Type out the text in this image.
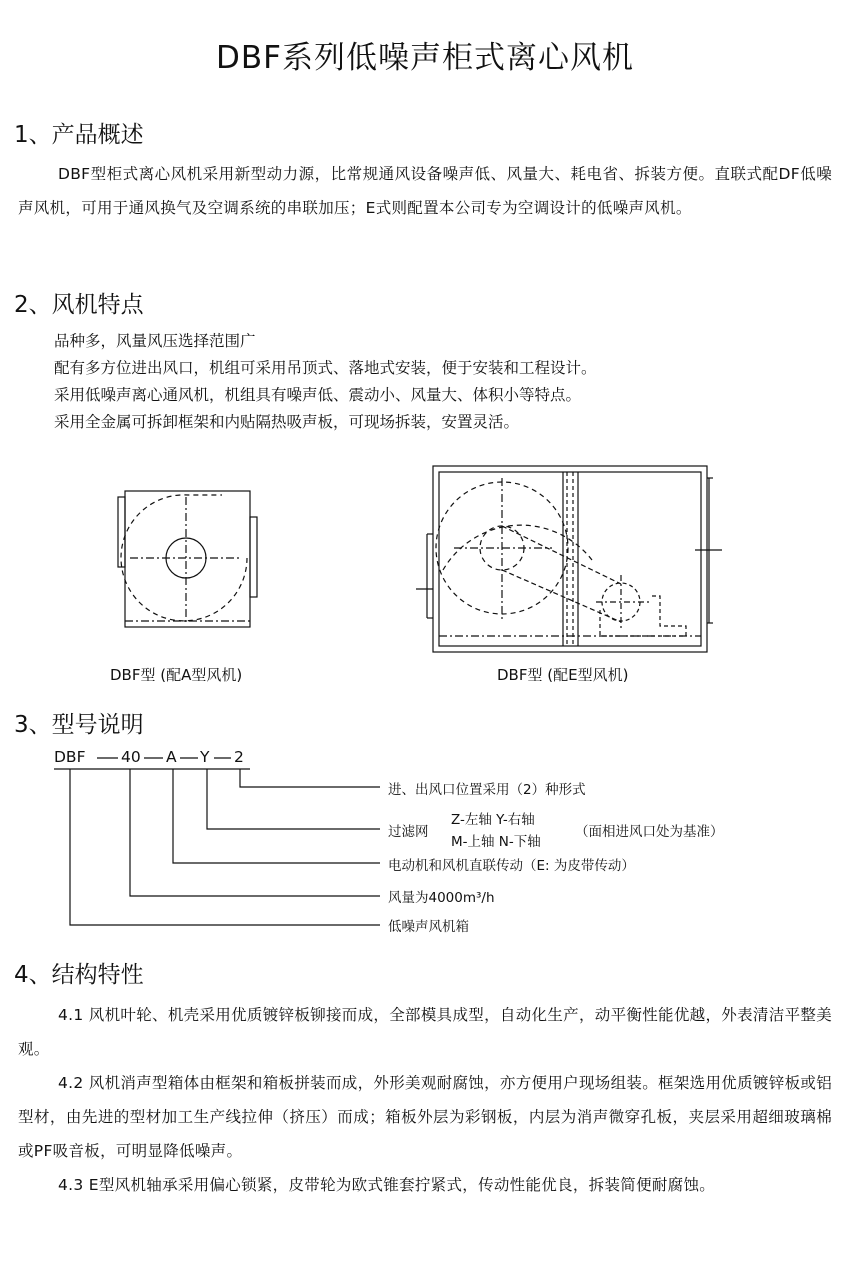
DBF系列低噪声柜式离心风机
1、产品概述
DBF型柜式离心风机采用新型动力源，比常规通风设备噪声低、风量大、耗电省、拆装方便。直联式配DF低噪声风机，可用于通风换气及空调系统的串联加压；E式则配置本公司专为空调设计的低噪声风机。
2、风机特点
品种多，风量风压选择范围广
配有多方位进出风口，机组可采用吊顶式、落地式安装，便于安装和工程设计。
采用低噪声离心通风机，机组具有噪声低、震动小、风量大、体积小等特点。
采用全金属可拆卸框架和内贴隔热吸声板，可现场拆装，安置灵活。
DBF型 (配A型风机)	DBF型 (配E型风机)
3、型号说明
DBF 40 A Y 2
进、出风口位置采用（2）种形式
过滤网
Z-左轴 Y-右轴
M-上轴 N-下轴
（面相进风口处为基准）
电动机和风机直联传动（E: 为皮带传动）
风量为4000m³/h
低噪声风机箱
4、结构特性
4.1 风机叶轮、机壳采用优质镀锌板铆接而成，全部模具成型，自动化生产，动平衡性能优越，外表清洁平整美观。
4.2 风机消声型箱体由框架和箱板拼装而成，外形美观耐腐蚀，亦方便用户现场组装。框架选用优质镀锌板或铝型材，由先进的型材加工生产线拉伸（挤压）而成；箱板外层为彩钢板，内层为消声微穿孔板，夹层采用超细玻璃棉或PF吸音板，可明显降低噪声。
4.3 E型风机轴承采用偏心锁紧，皮带轮为欧式锥套拧紧式，传动性能优良，拆装简便耐腐蚀。
